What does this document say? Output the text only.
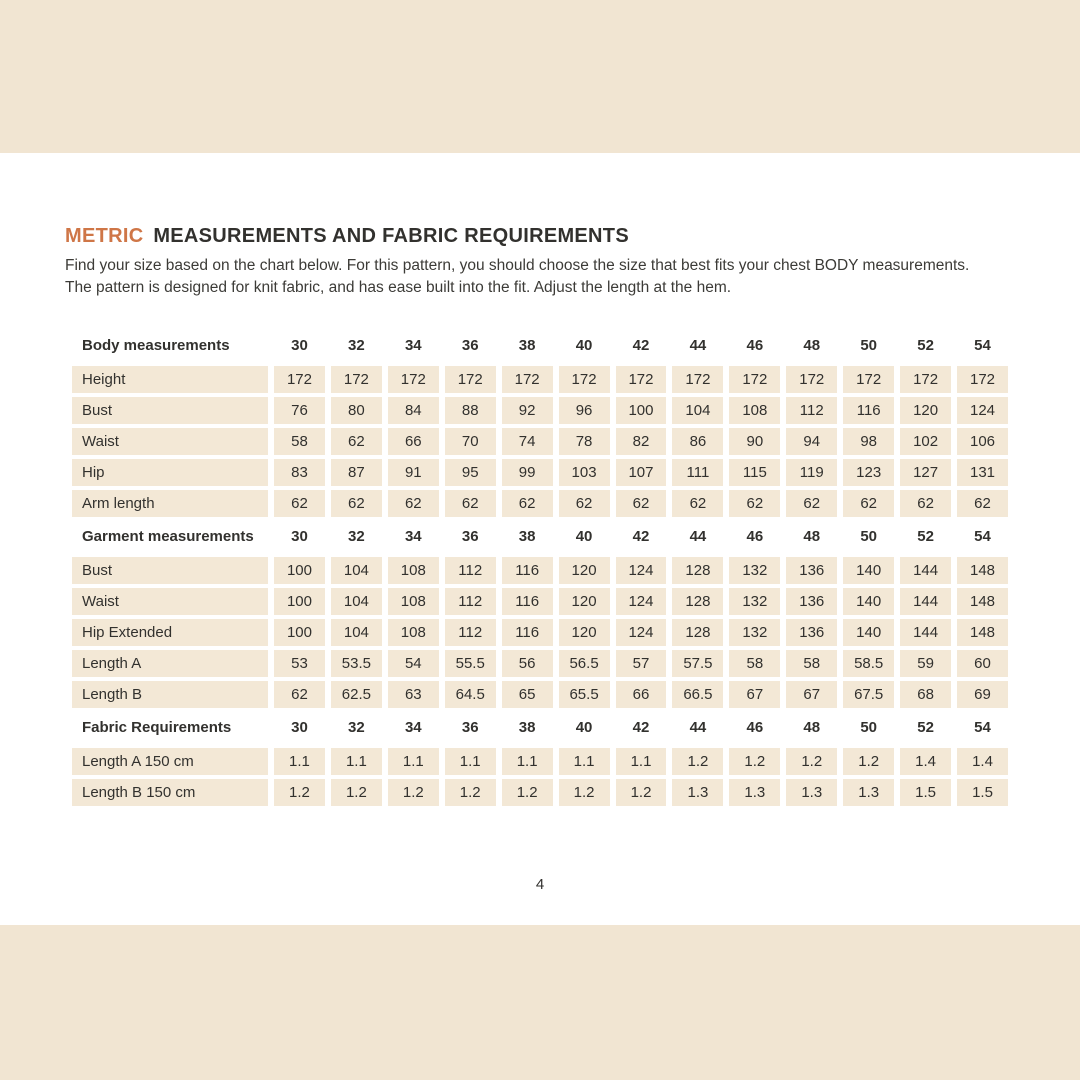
METRIC MEASUREMENTS AND FABRIC REQUIREMENTS
Find your size based on the chart below. For this pattern, you should choose the size that best fits your chest BODY measurements.
The pattern is designed for knit fabric, and has ease built into the fit. Adjust the length at the hem.
Body measurements	30	32	34	36	38	40	42	44	46	48	50	52	54
Height	172	172	172	172	172	172	172	172	172	172	172	172	172
Bust	76	80	84	88	92	96	100	104	108	112	116	120	124
Waist	58	62	66	70	74	78	82	86	90	94	98	102	106
Hip	83	87	91	95	99	103	107	111	115	119	123	127	131
Arm length	62	62	62	62	62	62	62	62	62	62	62	62	62
Garment measurements	30	32	34	36	38	40	42	44	46	48	50	52	54
Bust	100	104	108	112	116	120	124	128	132	136	140	144	148
Waist	100	104	108	112	116	120	124	128	132	136	140	144	148
Hip Extended	100	104	108	112	116	120	124	128	132	136	140	144	148
Length A	53	53.5	54	55.5	56	56.5	57	57.5	58	58	58.5	59	60
Length B	62	62.5	63	64.5	65	65.5	66	66.5	67	67	67.5	68	69
Fabric Requirements	30	32	34	36	38	40	42	44	46	48	50	52	54
Length A 150 cm	1.1	1.1	1.1	1.1	1.1	1.1	1.1	1.2	1.2	1.2	1.2	1.4	1.4
Length B 150 cm	1.2	1.2	1.2	1.2	1.2	1.2	1.2	1.3	1.3	1.3	1.3	1.5	1.5
4
